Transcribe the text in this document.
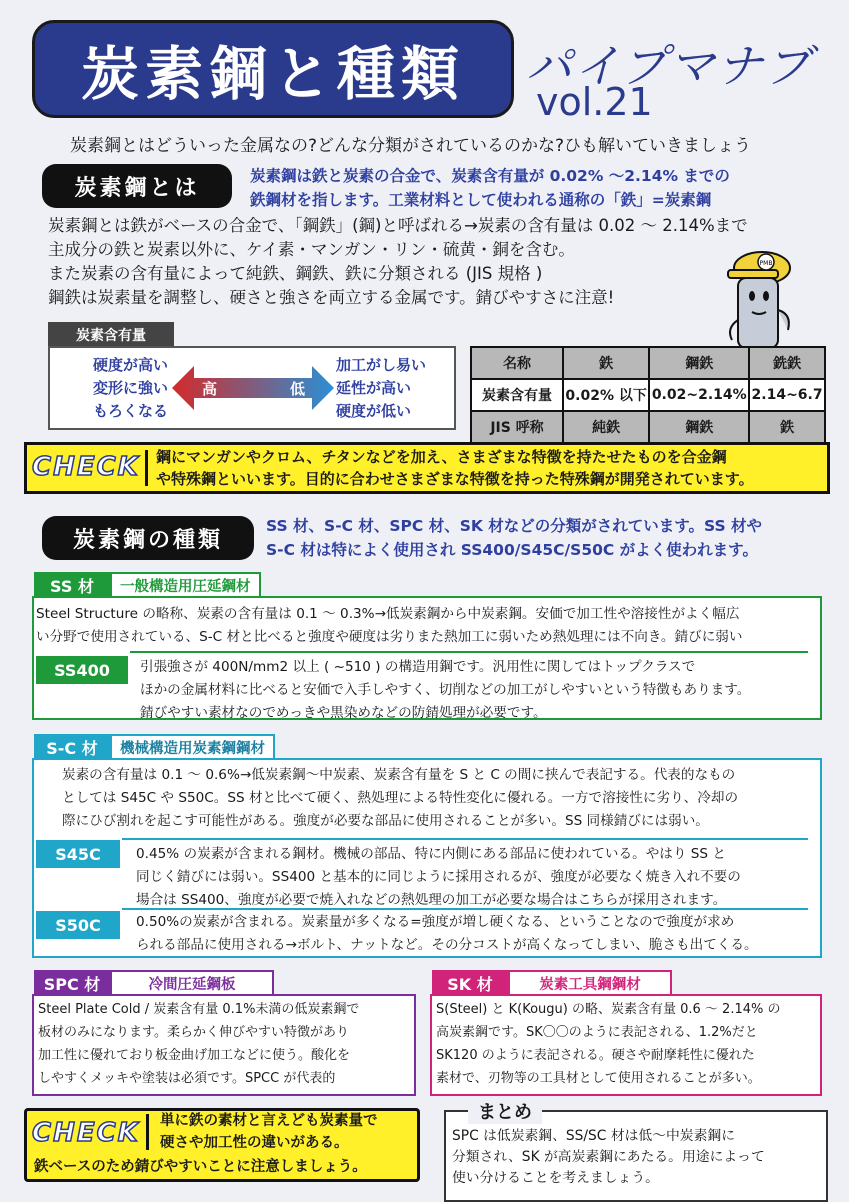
炭素鋼と種類 パイプマナブ
vol.21
炭素鋼とはどういった金属なの?どんな分類がされているのかな?ひも解いていきましょう
炭素鋼とは	炭素鋼は鉄と炭素の合金で、炭素含有量が 0.02% ～2.14% までの
鉄鋼材を指します。工業材料として使われる通称の「鉄」=炭素鋼
炭素鋼とは鉄がベースの合金で、「鋼鉄」(鋼)と呼ばれる→炭素の含有量は 0.02 ～ 2.14%まで
主成分の鉄と炭素以外に、ケイ素・マンガン・リン・硫黄・銅を含む。
また炭素の含有量によって純鉄、鋼鉄、鉄に分類される (JIS 規格 )
鋼鉄は炭素量を調整し、硬さと強さを両立する金属です。錆びやすさに注意!
PMB
炭素含有量
硬度が高い
変形に強い
もろくなる
高	低
加工がし易い
延性が高い
硬度が低い
名称	鉄	鋼鉄	銑鉄
炭素含有量	0.02% 以下	0.02~2.14%	2.14~6.7
JIS 呼称	純鉄	鋼鉄	鉄
CHECK 鋼にマンガンやクロム、チタンなどを加え、さまざまな特徴を持たせたものを合金鋼
や特殊鋼といいます。目的に合わせさまざまな特徴を持った特殊鋼が開発されています。
炭素鋼の種類
SS 材、S-C 材、SPC 材、SK 材などの分類がされています。SS 材や
S-C 材は特によく使用され SS400/S45C/S50C がよく使われます。
SS 材	一般構造用圧延鋼材
Steel Structure の略称、炭素の含有量は 0.1 ～ 0.3%→低炭素鋼から中炭素鋼。安価で加工性や溶接性がよく幅広
い分野で使用されている、S-C 材と比べると強度や硬度は劣りまた熱加工に弱いため熱処理には不向き。錆びに弱い
SS400	引張強さが 400N/mm2 以上 ( ~510 ) の構造用鋼です。汎用性に関してはトップクラスで
ほかの金属材料に比べると安価で入手しやすく、切削などの加工がしやすいという特徴もあります。
錆びやすい素材なのでめっきや黒染めなどの防錆処理が必要です。
S-C 材	機械構造用炭素鋼鋼材
炭素の含有量は 0.1 ～ 0.6%→低炭素鋼～中炭素、炭素含有量を S と C の間に挟んで表記する。代表的なもの
としては S45C や S50C。SS 材と比べて硬く、熱処理による特性変化に優れる。一方で溶接性に劣り、冷却の
際にひび割れを起こす可能性がある。強度が必要な部品に使用されることが多い。SS 同様錆びには弱い。
S45C	0.45% の炭素が含まれる鋼材。機械の部品、特に内側にある部品に使われている。やはり SS と
同じく錆びには弱い。SS400 と基本的に同じように採用されるが、強度が必要なく焼き入れ不要の
場合は SS400、強度が必要で焼入れなどの熱処理の加工が必要な場合はこちらが採用されます。
S50C	0.50%の炭素が含まれる。炭素量が多くなる=強度が増し硬くなる、ということなので強度が求め
られる部品に使用される→ボルト、ナットなど。その分コストが高くなってしまい、脆さも出てくる。
SPC 材	冷間圧延鋼板
Steel Plate Cold / 炭素含有量 0.1%未満の低炭素鋼で
板材のみになります。柔らかく伸びやすい特徴があり
加工性に優れており板金曲げ加工などに使う。酸化を
しやすくメッキや塗装は必須です。SPCC が代表的
SK 材	炭素工具鋼鋼材
S(Steel) と K(Kougu) の略、炭素含有量 0.6 ～ 2.14% の
高炭素鋼です。SK〇〇のように表記される、1.2%だと
SK120 のように表記される。硬さや耐摩耗性に優れた
素材で、刃物等の工具材として使用されることが多い。
CHECK 単に鉄の素材と言えども炭素量で
硬さや加工性の違いがある。
鉄ベースのため錆びやすいことに注意しましょう。
まとめ
SPC は低炭素鋼、SS/SC 材は低～中炭素鋼に
分類され、SK が高炭素鋼にあたる。用途によって
使い分けることを考えましょう。
